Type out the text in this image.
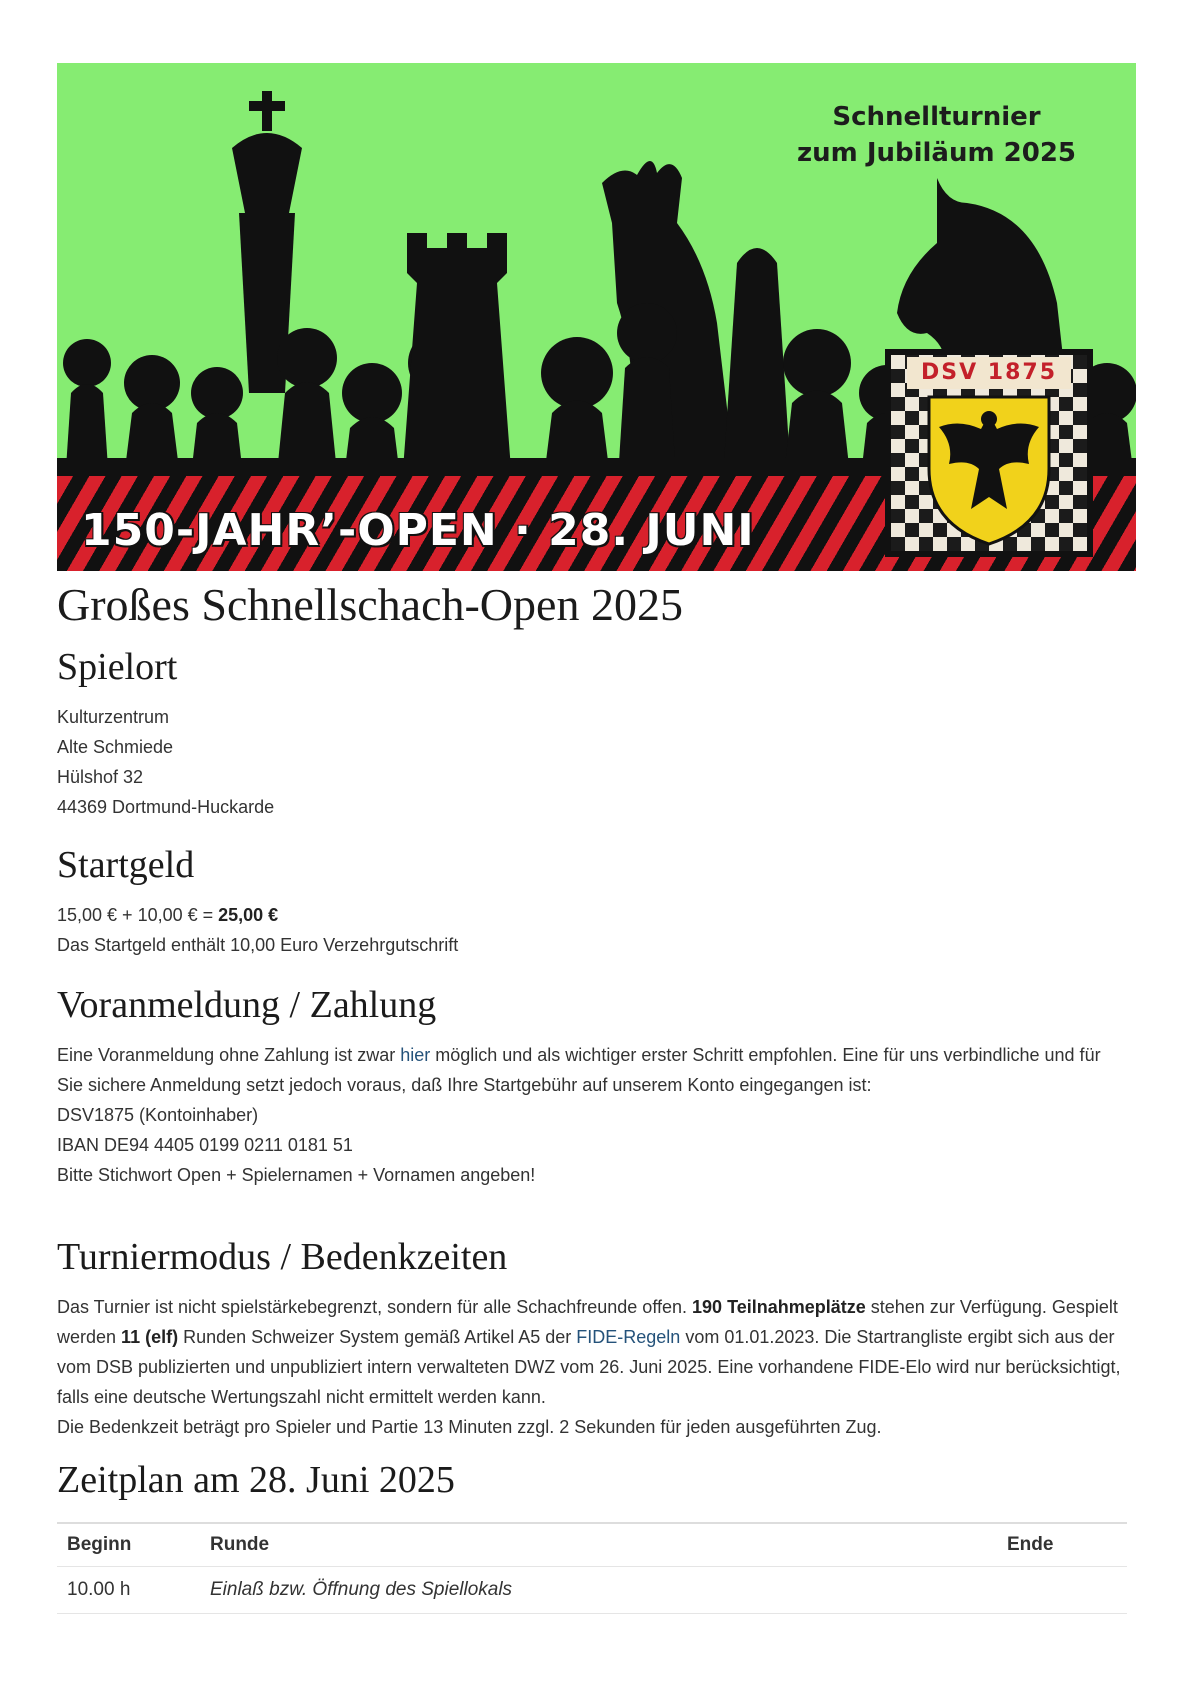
Schnellturnier
zum Jubiläum 2025
150-JAHR’-OPEN · 28. JUNI
DSV 1875
Großes Schnellschach-Open 2025
Spielort

Kulturzentrum

Alte Schmiede

Hülshof 32

44369 Dortmund-Huckarde

Startgeld

15,00 € + 10,00 € = 25,00 €

Das Startgeld enthält 10,00 Euro Verzehrgutschrift

Voranmeldung / Zahlung

Eine Voranmeldung ohne Zahlung ist zwar hier möglich und als wichtiger erster Schritt empfohlen. Eine für uns verbindliche und für Sie sichere Anmeldung setzt jedoch voraus, daß Ihre Startgebühr auf unserem Konto eingegangen ist:

DSV1875 (Kontoinhaber)

IBAN DE94 4405 0199 0211 0181 51

Bitte Stichwort Open + Spielernamen + Vornamen angeben!

Turniermodus / Bedenkzeiten

Das Turnier ist nicht spielstärkebegrenzt, sondern für alle Schachfreunde offen. 190 Teilnahmeplätze stehen zur Verfügung. Gespielt werden 11 (elf) Runden Schweizer System gemäß Artikel A5 der FIDE-Regeln vom 01.01.2023. Die Startrangliste ergibt sich aus der vom DSB publizierten und unpubliziert intern verwalteten DWZ vom 26. Juni 2025. Eine vorhandene FIDE-Elo wird nur berücksichtigt, falls eine deutsche Wertungszahl nicht ermittelt werden kann.

Die Bedenkzeit beträgt pro Spieler und Partie 13 Minuten zzgl. 2 Sekunden für jeden ausgeführten Zug.

Zeitplan am 28. Juni 2025
Beginn	Runde	Ende
10.00 h	Einlaß bzw. Öffnung des Spiellokals	
